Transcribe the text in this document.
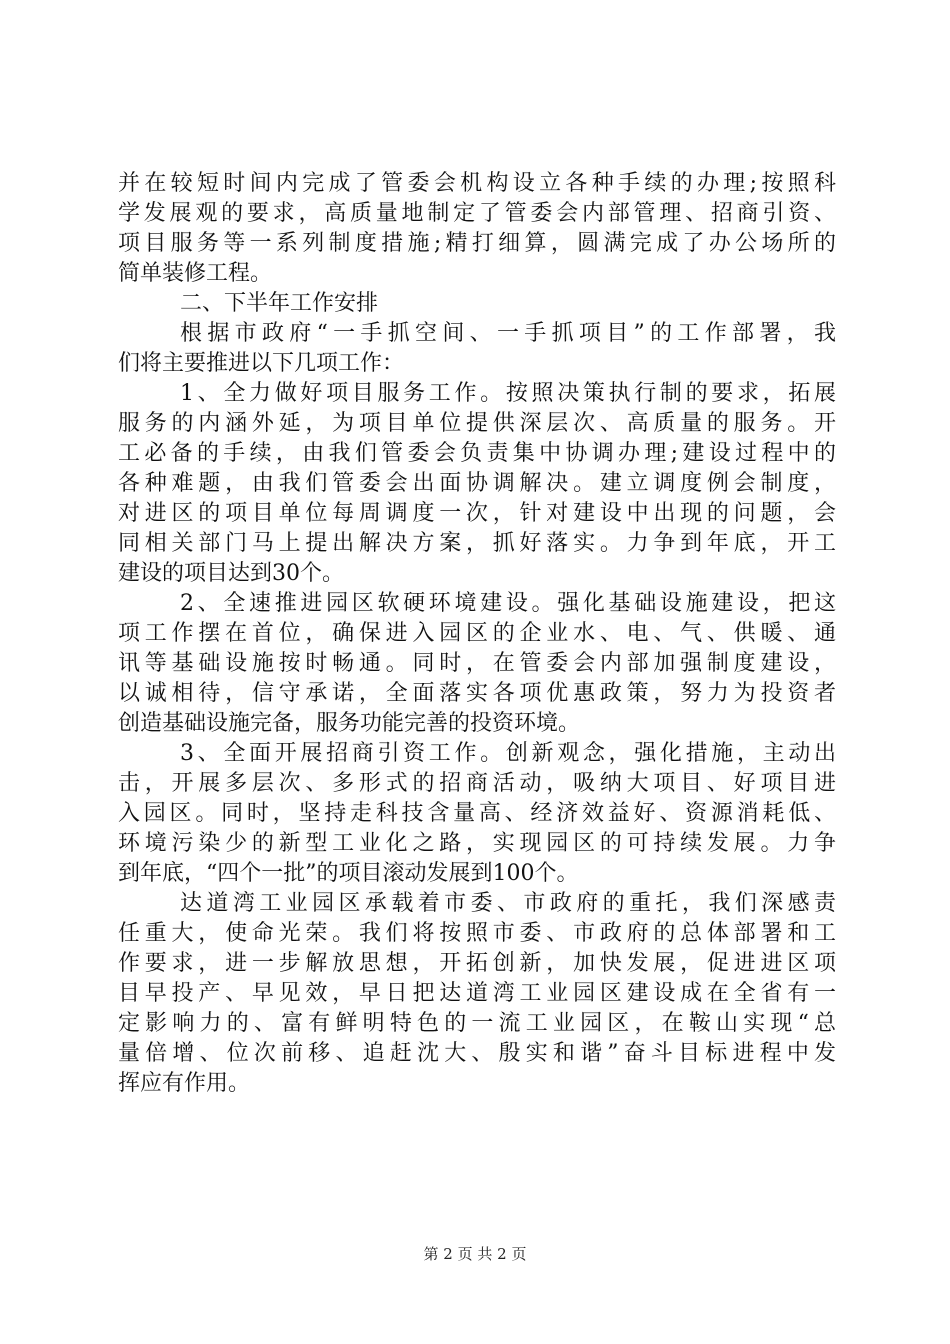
并在较短时间内完成了管委会机构设立各种手续的办理;按照科
学发展观的要求，高质量地制定了管委会内部管理、招商引资、
项目服务等一系列制度措施;精打细算，圆满完成了办公场所的
简单装修工程。
二、下半年工作安排
根据市政府“一手抓空间、一手抓项目”的工作部署，我
们将主要推进以下几项工作：
1、全力做好项目服务工作。按照决策执行制的要求，拓展
服务的内涵外延，为项目单位提供深层次、高质量的服务。开
工必备的手续，由我们管委会负责集中协调办理;建设过程中的
各种难题，由我们管委会出面协调解决。建立调度例会制度，
对进区的项目单位每周调度一次，针对建设中出现的问题，会
同相关部门马上提出解决方案，抓好落实。力争到年底，开工
建设的项目达到30个。
2、全速推进园区软硬环境建设。强化基础设施建设，把这
项工作摆在首位，确保进入园区的企业水、电、气、供暖、通
讯等基础设施按时畅通。同时，在管委会内部加强制度建设，
以诚相待，信守承诺，全面落实各项优惠政策，努力为投资者
创造基础设施完备，服务功能完善的投资环境。
3、全面开展招商引资工作。创新观念，强化措施，主动出
击，开展多层次、多形式的招商活动，吸纳大项目、好项目进
入园区。同时，坚持走科技含量高、经济效益好、资源消耗低、
环境污染少的新型工业化之路，实现园区的可持续发展。力争
到年底，“四个一批”的项目滚动发展到100个。
达道湾工业园区承载着市委、市政府的重托，我们深感责
任重大，使命光荣。我们将按照市委、市政府的总体部署和工
作要求，进一步解放思想，开拓创新，加快发展，促进进区项
目早投产、早见效，早日把达道湾工业园区建设成在全省有一
定影响力的、富有鲜明特色的一流工业园区，在鞍山实现“总
量倍增、位次前移、追赶沈大、殷实和谐”奋斗目标进程中发
挥应有作用。
第 2 页 共 2 页
